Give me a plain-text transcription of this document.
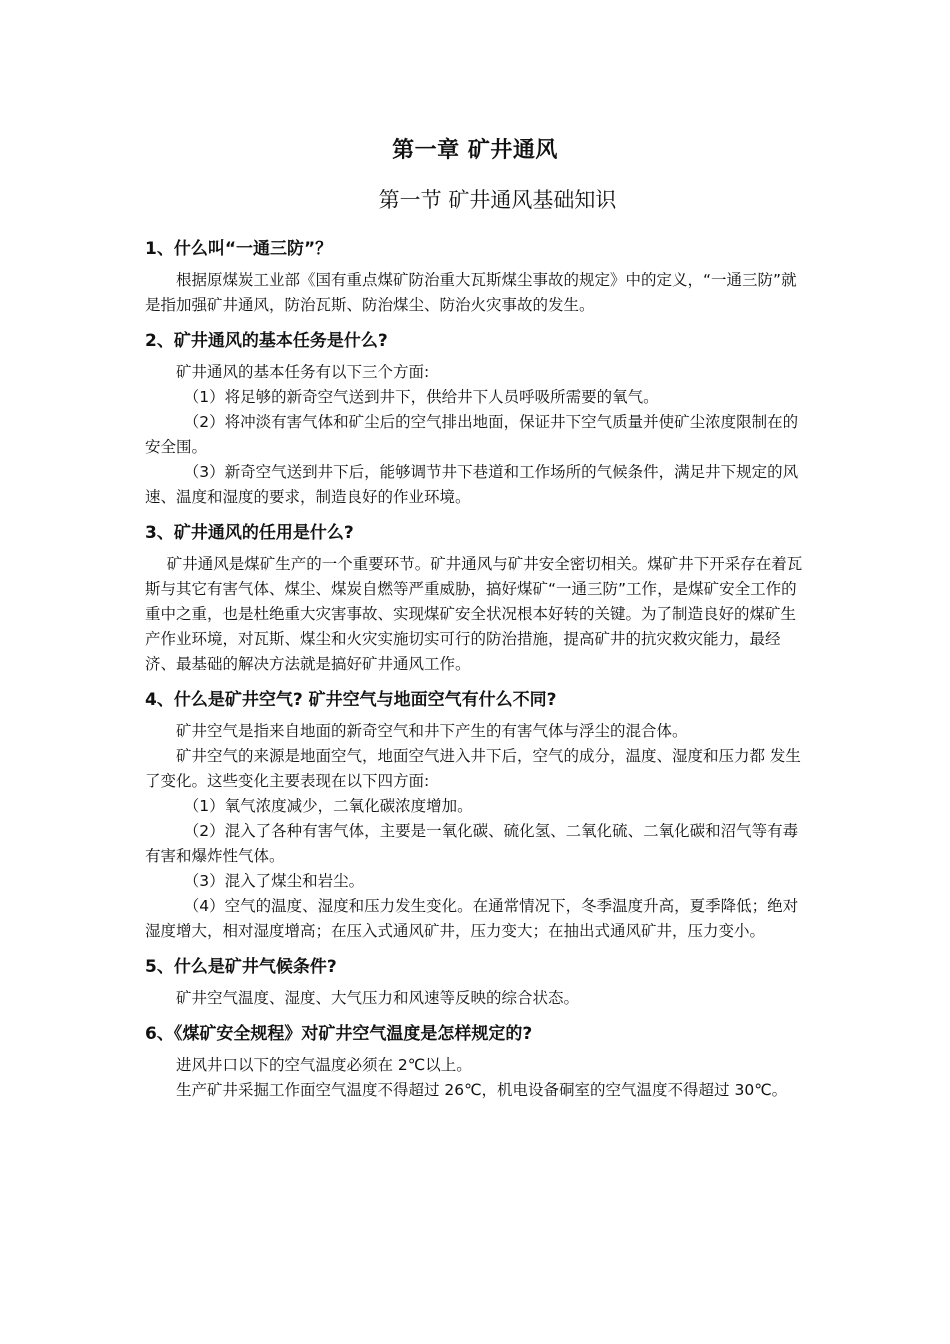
第一章 矿井通风
第一节 矿井通风基础知识

1、什么叫“一通三防”？

根据原煤炭工业部《国有重点煤矿防治重大瓦斯煤尘事故的规定》中的定义，“一通三防”就是指加强矿井通风，防治瓦斯、防治煤尘、防治火灾事故的发生。

2、矿井通风的基本任务是什么?

矿井通风的基本任务有以下三个方面:

（1）将足够的新奇空气送到井下，供给井下人员呼吸所需要的氧气。

（2）将冲淡有害气体和矿尘后的空气排出地面，保证井下空气质量并使矿尘浓度限制在的安全围。

（3）新奇空气送到井下后，能够调节井下巷道和工作场所的气候条件，满足井下规定的风速、温度和湿度的要求，制造良好的作业环境。

3、矿井通风的任用是什么?

矿井通风是煤矿生产的一个重要环节。矿井通风与矿井安全密切相关。煤矿井下开采存在着瓦斯与其它有害气体、煤尘、煤炭自燃等严重威胁，搞好煤矿“一通三防”工作，是煤矿安全工作的重中之重，也是杜绝重大灾害事故、实现煤矿安全状况根本好转的关键。为了制造良好的煤矿生产作业环境，对瓦斯、煤尘和火灾实施切实可行的防治措施，提高矿井的抗灾救灾能力，最经济、最基础的解决方法就是搞好矿井通风工作。

4、什么是矿井空气? 矿井空气与地面空气有什么不同?

矿井空气是指来自地面的新奇空气和井下产生的有害气体与浮尘的混合体。

矿井空气的来源是地面空气，地面空气进入井下后，空气的成分，温度、湿度和压力都 发生了变化。这些变化主要表现在以下四方面:

（1）氧气浓度减少，二氧化碳浓度增加。

（2）混入了各种有害气体，主要是一氧化碳、硫化氢、二氧化硫、二氧化碳和沼气等有毒有害和爆炸性气体。

（3）混入了煤尘和岩尘。

（4）空气的温度、湿度和压力发生变化。在通常情况下，冬季温度升高，夏季降低；绝对湿度增大，相对湿度增高；在压入式通风矿井，压力变大；在抽出式通风矿井，压力变小。

5、什么是矿井气候条件?

矿井空气温度、湿度、大气压力和风速等反映的综合状态。

6、《煤矿安全规程》对矿井空气温度是怎样规定的?

进风井口以下的空气温度必须在 2℃以上。

生产矿井采掘工作面空气温度不得超过 26℃，机电设备硐室的空气温度不得超过 30℃。
